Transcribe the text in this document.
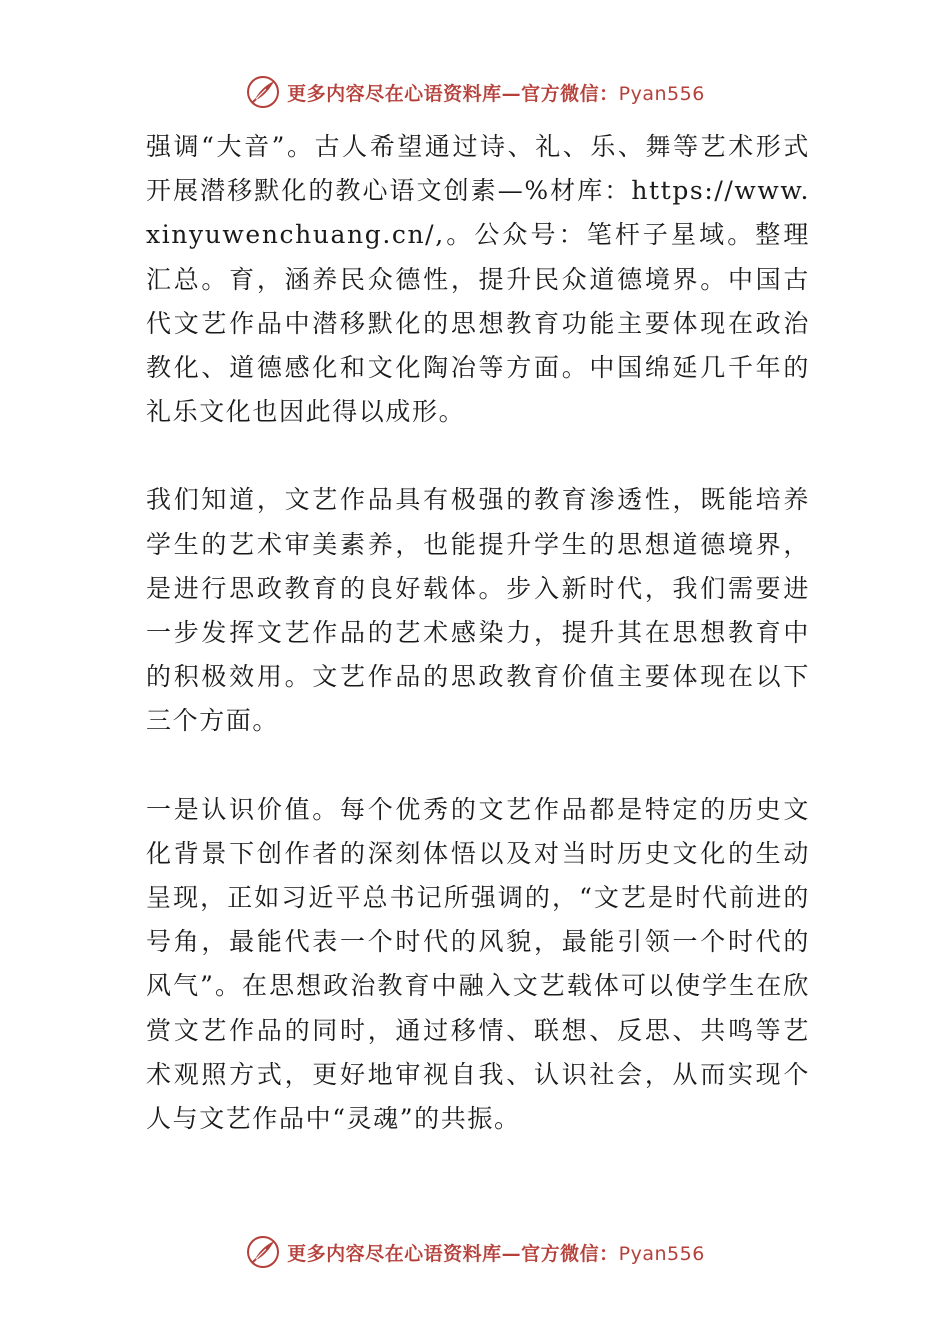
更多内容尽在心语资料库—官方微信：Pyan556

强调“大音”。古人希望通过诗、礼、乐、舞等艺术形式开展潜移默化的教心语文创素—%材库：https://www.xinyuwenchuang.cn/,。公众号：笔杆子星域。整理汇总。育，涵养民众德性，提升民众道德境界。中国古代文艺作品中潜移默化的思想教育功能主要体现在政治教化、道德感化和文化陶冶等方面。中国绵延几千年的礼乐文化也因此得以成形。

我们知道，文艺作品具有极强的教育渗透性，既能培养学生的艺术审美素养，也能提升学生的思想道德境界，是进行思政教育的良好载体。步入新时代，我们需要进一步发挥文艺作品的艺术感染力，提升其在思想教育中的积极效用。文艺作品的思政教育价值主要体现在以下三个方面。

一是认识价值。每个优秀的文艺作品都是特定的历史文化背景下创作者的深刻体悟以及对当时历史文化的生动呈现，正如习近平总书记所强调的，“文艺是时代前进的号角，最能代表一个时代的风貌，最能引领一个时代的风气”。在思想政治教育中融入文艺载体可以使学生在欣赏文艺作品的同时，通过移情、联想、反思、共鸣等艺术观照方式，更好地审视自我、认识社会，从而实现个人与文艺作品中“灵魂”的共振。

更多内容尽在心语资料库—官方微信：Pyan556
